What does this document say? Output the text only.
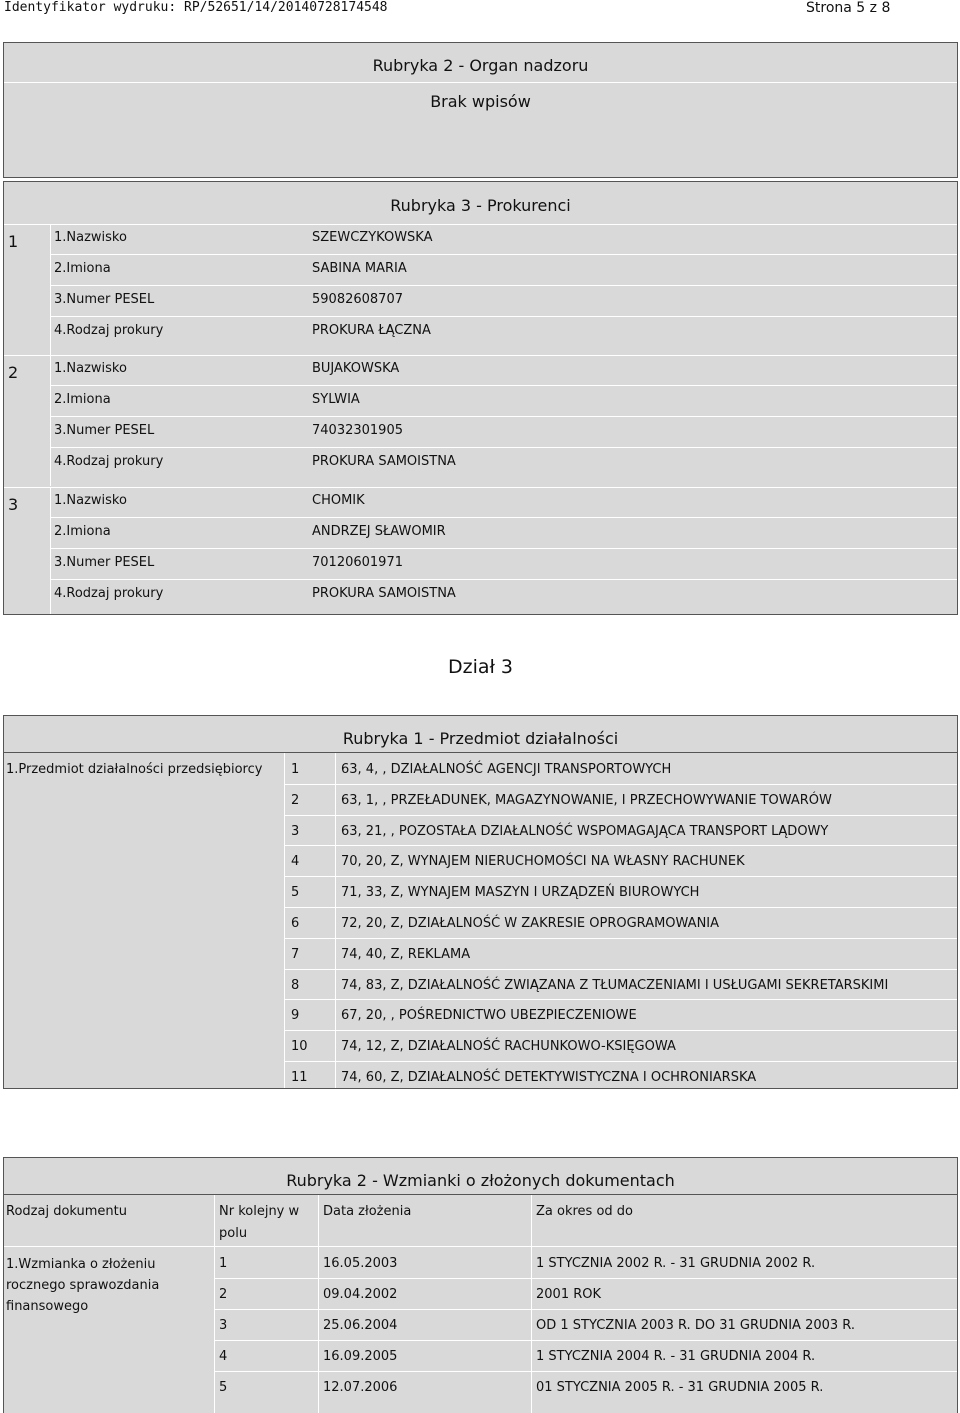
Identyfikator wydruku: RP/52651/14/20140728174548	Strona 5 z 8
Rubryka 2 - Organ nadzoru
Brak wpisów
Rubryka 3 - Prokurenci
1	1.Nazwisko	SZEWCZYKOWSKA
2.Imiona	SABINA MARIA
3.Numer PESEL	59082608707
4.Rodzaj prokury	PROKURA ŁĄCZNA
2	1.Nazwisko	BUJAKOWSKA
2.Imiona	SYLWIA
3.Numer PESEL	74032301905
4.Rodzaj prokury	PROKURA SAMOISTNA
3	1.Nazwisko	CHOMIK
2.Imiona	ANDRZEJ SŁAWOMIR
3.Numer PESEL	70120601971
4.Rodzaj prokury	PROKURA SAMOISTNA
Dział 3
Rubryka 1 - Przedmiot działalności
1.Przedmiot działalności przedsiębiorcy 1	63, 4, , DZIAŁALNOŚĆ AGENCJI TRANSPORTOWYCH
2	63, 1, , PRZEŁADUNEK, MAGAZYNOWANIE, I PRZECHOWYWANIE TOWARÓW
3	63, 21, , POZOSTAŁA DZIAŁALNOŚĆ WSPOMAGAJĄCA TRANSPORT LĄDOWY
4	70, 20, Z, WYNAJEM NIERUCHOMOŚCI NA WŁASNY RACHUNEK
5	71, 33, Z, WYNAJEM MASZYN I URZĄDZEŃ BIUROWYCH
6	72, 20, Z, DZIAŁALNOŚĆ W ZAKRESIE OPROGRAMOWANIA
7	74, 40, Z, REKLAMA
8	74, 83, Z, DZIAŁALNOŚĆ ZWIĄZANA Z TŁUMACZENIAMI I USŁUGAMI SEKRETARSKIMI
9	67, 20, , POŚREDNICTWO UBEZPIECZENIOWE
10	74, 12, Z, DZIAŁALNOŚĆ RACHUNKOWO-KSIĘGOWA
11	74, 60, Z, DZIAŁALNOŚĆ DETEKTYWISTYCZNA I OCHRONIARSKA
Rubryka 2 - Wzmianki o złożonych dokumentach
Rodzaj dokumentu	Nr kolejny w
polu
Data złożenia	Za okres od do
1.Wzmianka o złożeniu
rocznego sprawozdania
finansowego
1	16.05.2003	1 STYCZNIA 2002 R. - 31 GRUDNIA 2002 R.
2	09.04.2002	2001 ROK
3	25.06.2004	OD 1 STYCZNIA 2003 R. DO 31 GRUDNIA 2003 R.
4	16.09.2005	1 STYCZNIA 2004 R. - 31 GRUDNIA 2004 R.
5	12.07.2006	01 STYCZNIA 2005 R. - 31 GRUDNIA 2005 R.
